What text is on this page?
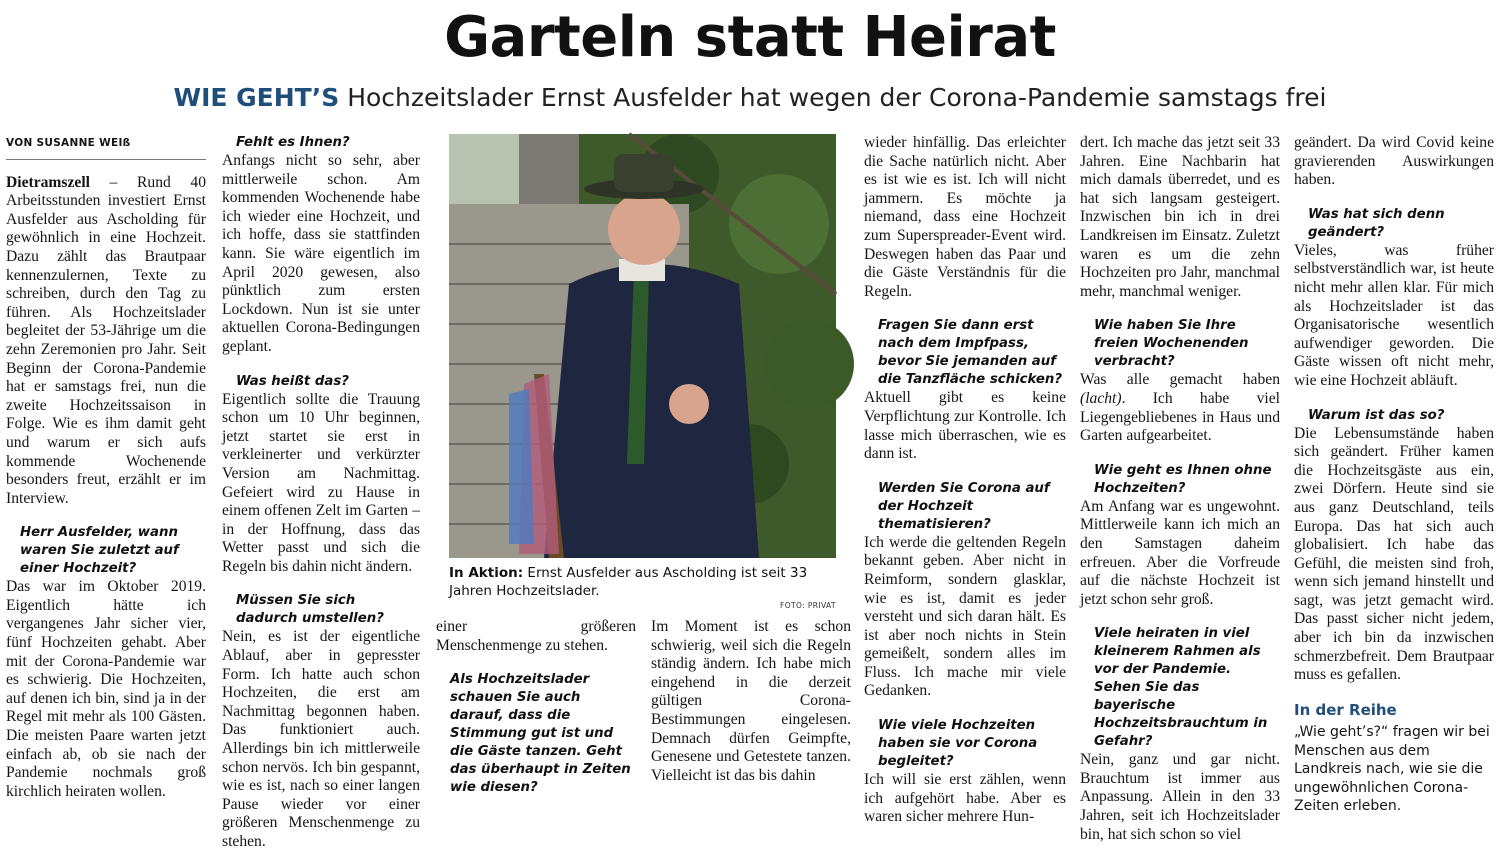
Garteln statt Heirat

WIE GEHT’S Hochzeitslader Ernst Ausfelder hat wegen der Corona-Pandemie samstags frei

VON SUSANNE WEIß

Dietramszell – Rund 40 Arbeitsstunden investiert Ernst Ausfelder aus Ascholding für gewöhnlich in eine Hochzeit. Dazu zählt das Brautpaar kennenzulernen, Texte zu schreiben, durch den Tag zu führen. Als Hochzeitslader begleitet der 53-Jährige um die zehn Zeremonien pro Jahr. Seit Beginn der Corona-Pandemie hat er samstags frei, nun die zweite Hochzeitssaison in Folge. Wie es ihm damit geht und warum er sich aufs kommende Wochenende besonders freut, erzählt er im Interview.

Herr Ausfelder, wann waren Sie zuletzt auf einer Hochzeit?

Das war im Oktober 2019. Eigentlich hätte ich vergangenes Jahr sicher vier, fünf Hochzeiten gehabt. Aber mit der Corona-Pandemie war es schwierig. Die Hochzeiten, auf denen ich bin, sind ja in der Regel mit mehr als 100 Gästen. Die meisten Paare warten jetzt einfach ab, ob sie nach der Pandemie nochmals groß kirchlich heiraten wollen.

Fehlt es Ihnen?

Anfangs nicht so sehr, aber mittlerweile schon. Am kommenden Wochenende habe ich wieder eine Hochzeit, und ich hoffe, dass sie stattfinden kann. Sie wäre eigentlich im April 2020 gewesen, also pünktlich zum ersten Lockdown. Nun ist sie unter aktuellen Corona-Bedingungen geplant.

Was heißt das?

Eigentlich sollte die Trauung schon um 10 Uhr beginnen, jetzt startet sie erst in verkleinerter und verkürzter Version am Nachmittag. Gefeiert wird zu Hause in einem offenen Zelt im Garten – in der Hoffnung, dass das Wetter passt und sich die Regeln bis dahin nicht ändern.

Müssen Sie sich dadurch umstellen?

Nein, es ist der eigentliche Ablauf, aber in gepresster Form. Ich hatte auch schon Hochzeiten, die erst am Nachmittag begonnen haben. Das funktioniert auch. Allerdings bin ich mittlerweile schon nervös. Ich bin gespannt, wie es ist, nach so einer langen Pause wieder vor einer größeren Menschenmenge zu stehen.

In Aktion: Ernst Ausfelder aus Ascholding ist seit 33 Jahren Hochzeitslader.
FOTO: PRIVAT

einer größeren Menschenmenge zu stehen.

Als Hochzeitslader schauen Sie auch darauf, dass die Stimmung gut ist und die Gäste tanzen. Geht das überhaupt in Zeiten wie diesen?

Im Moment ist es schon schwierig, weil sich die Regeln ständig ändern. Ich habe mich eingehend in die derzeit gültigen Corona-Bestimmungen eingelesen. Demnach dürfen Geimpfte, Genesene und Getestete tanzen. Vielleicht ist das bis dahin

wieder hinfällig. Das erleichter die Sache natürlich nicht. Aber es ist wie es ist. Ich will nicht jammern. Es möchte ja niemand, dass eine Hochzeit zum Superspreader-Event wird. Deswegen haben das Paar und die Gäste Verständnis für die Regeln.

Fragen Sie dann erst nach dem Impfpass, bevor Sie jemanden auf die Tanzfläche schicken?

Aktuell gibt es keine Verpflichtung zur Kontrolle. Ich lasse mich überraschen, wie es dann ist.

Werden Sie Corona auf der Hochzeit thematisieren?

Ich werde die geltenden Regeln bekannt geben. Aber nicht in Reimform, sondern glasklar, wie es ist, damit es jeder versteht und sich daran hält. Es ist aber noch nichts in Stein gemeißelt, sondern alles im Fluss. Ich mache mir viele Gedanken.

Wie viele Hochzeiten haben sie vor Corona begleitet?

Ich will sie erst zählen, wenn ich aufgehört habe. Aber es waren sicher mehrere Hun-

dert. Ich mache das jetzt seit 33 Jahren. Eine Nachbarin hat mich damals überredet, und es hat sich langsam gesteigert. Inzwischen bin ich in drei Landkreisen im Einsatz. Zuletzt waren es um die zehn Hochzeiten pro Jahr, manchmal mehr, manchmal weniger.

Wie haben Sie Ihre freien Wochenenden verbracht?

Was alle gemacht haben (lacht). Ich habe viel Liegengebliebenes in Haus und Garten aufgearbeitet.

Wie geht es Ihnen ohne Hochzeiten?

Am Anfang war es ungewohnt. Mittlerweile kann ich mich an den Samstagen daheim erfreuen. Aber die Vorfreude auf die nächste Hochzeit ist jetzt schon sehr groß.

Viele heiraten in viel kleinerem Rahmen als vor der Pandemie. Sehen Sie das bayerische Hochzeitsbrauchtum in Gefahr?

Nein, ganz und gar nicht. Brauchtum ist immer aus Anpassung. Allein in den 33 Jahren, seit ich Hochzeitslader bin, hat sich schon so viel

geändert. Da wird Covid keine gravierenden Auswirkungen haben.

Was hat sich denn geändert?

Vieles, was früher selbstverständlich war, ist heute nicht mehr allen klar. Für mich als Hochzeitslader ist das Organisatorische wesentlich aufwendiger geworden. Die Gäste wissen oft nicht mehr, wie eine Hochzeit abläuft.

Warum ist das so?

Die Lebensumstände haben sich geändert. Früher kamen die Hochzeitsgäste aus ein, zwei Dörfern. Heute sind sie aus ganz Deutschland, teils Europa. Das hat sich auch globalisiert. Ich habe das Gefühl, die meisten sind froh, wenn sich jemand hinstellt und sagt, was jetzt gemacht wird. Das passt sicher nicht jedem, aber ich bin da inzwischen schmerzbefreit. Dem Brautpaar muss es gefallen.

In der Reihe
„Wie geht’s?“ fragen wir bei Menschen aus dem Landkreis nach, wie sie die ungewöhnlichen Corona-Zeiten erleben.
